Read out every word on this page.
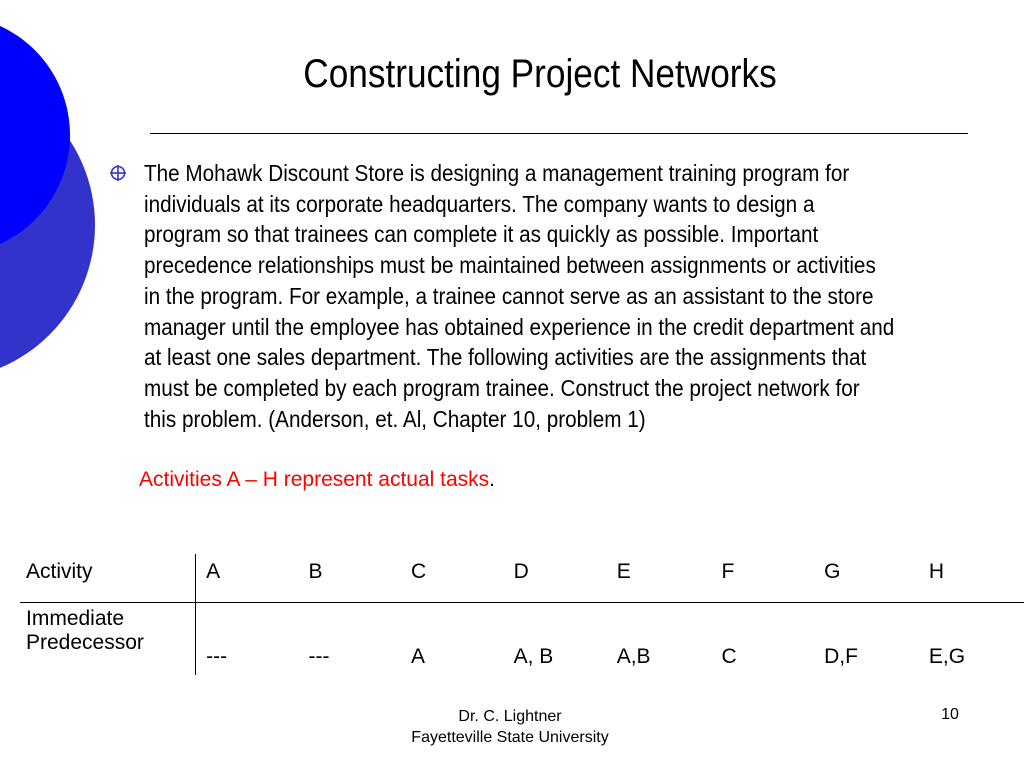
Constructing Project Networks
The Mohawk Discount Store is designing a management training program for
individuals at its corporate headquarters. The company wants to design a
program so that trainees can complete it as quickly as possible. Important
precedence relationships must be maintained between assignments or activities
in the program. For example, a trainee cannot serve as an assistant to the store
manager until the employee has obtained experience in the credit department and
at least one sales department. The following activities are the assignments that
must be completed by each program trainee. Construct the project network for
this problem. (Anderson, et. Al, Chapter 10, problem 1)
Activities A – H represent actual tasks.
Activity	A	B	C	D	E	F	G	H
Immediate
Predecessor	---	---	A	A, B	A,B	C	D,F	E,G
Dr. C. Lightner
Fayetteville State University
10
